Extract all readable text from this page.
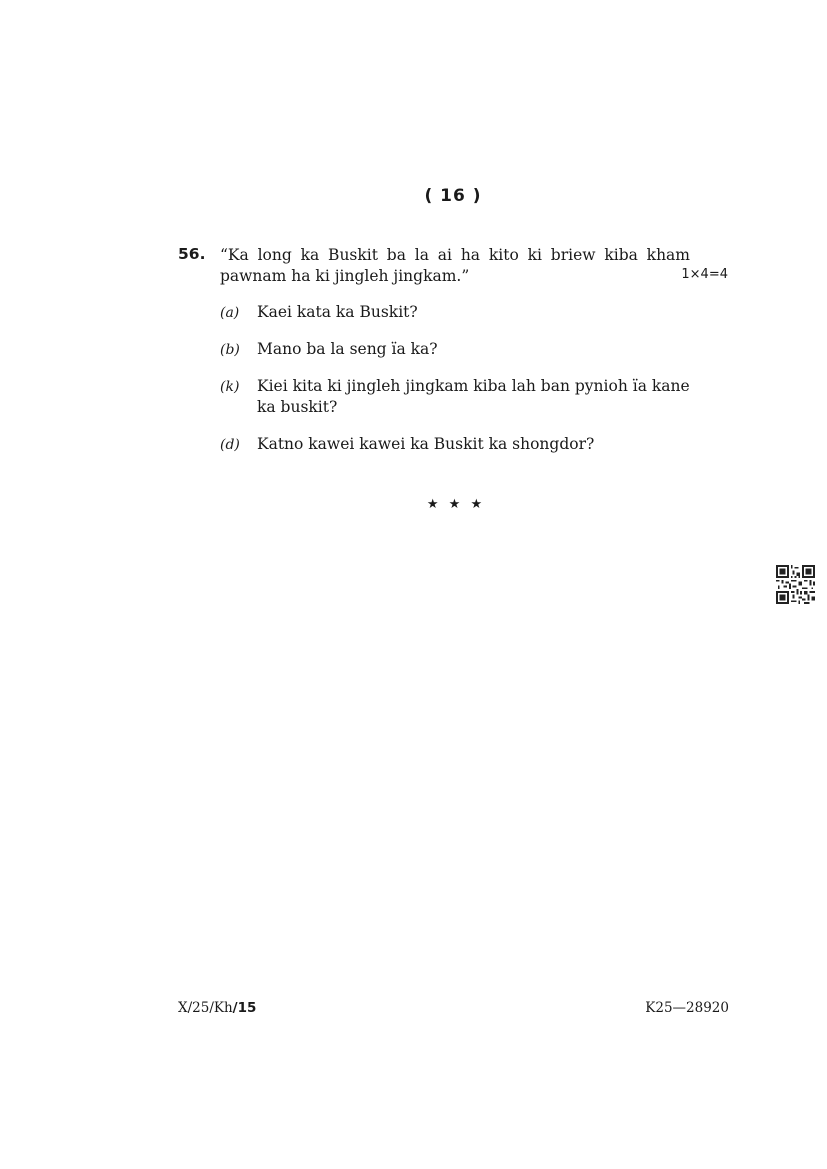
( 16 )
56. “Ka long ka Buskit ba la ai ha kito ki briew kiba kham pawnam ha ki jingleh jingkam.”	1×4=4
(a) Kaei kata ka Buskit?
(b) Mano ba la seng ïa ka?
(k) Kiei kita ki jingleh jingkam kiba lah ban pynioh ïa kane ka buskit?
(d) Katno kawei kawei ka Buskit ka shongdor?
★ ★ ★
X/25/Kh/15	K25—28920
